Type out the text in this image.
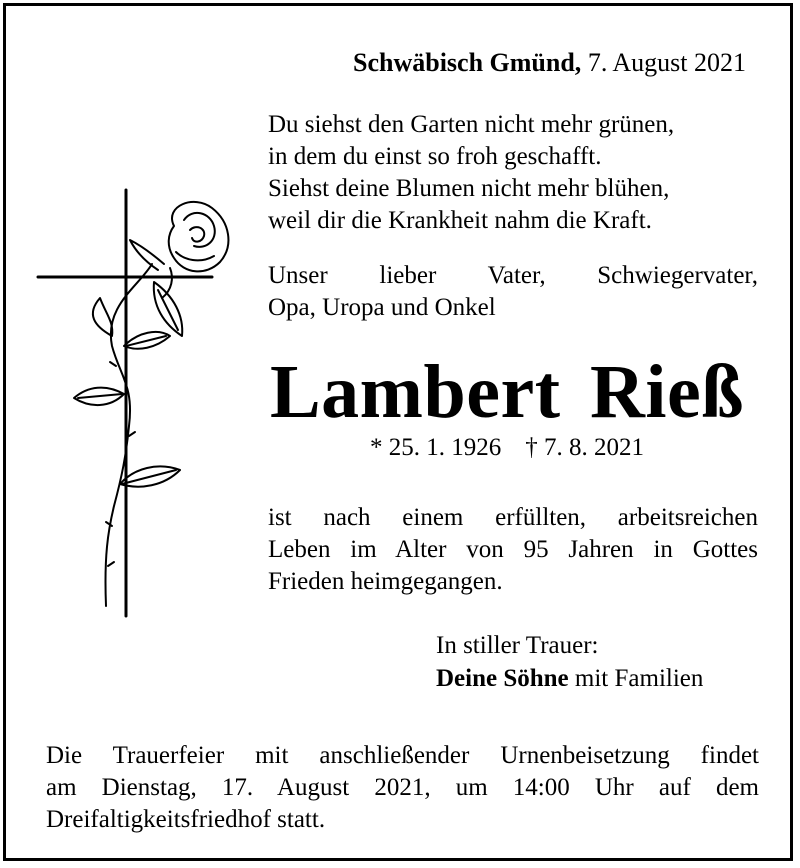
Schwäbisch Gmünd, 7. August 2021
Du siehst den Garten nicht mehr grünen,
in dem du einst so froh geschafft.
Siehst deine Blumen nicht mehr blühen,
weil dir die Krankheit nahm die Kraft.
Unser lieber Vater, Schwiegervater,
Opa, Uropa und Onkel
Lambert Rieß
* 25. 1. 1926 † 7. 8. 2021
ist nach einem erfüllten, arbeitsreichen
Leben im Alter von 95 Jahren in Gottes
Frieden heimgegangen.
In stiller Trauer:
Deine Söhne mit Familien
Die Trauerfeier mit anschließender Urnenbeisetzung findet
am Dienstag, 17. August 2021, um 14:00 Uhr auf dem
Dreifaltigkeitsfriedhof statt.
